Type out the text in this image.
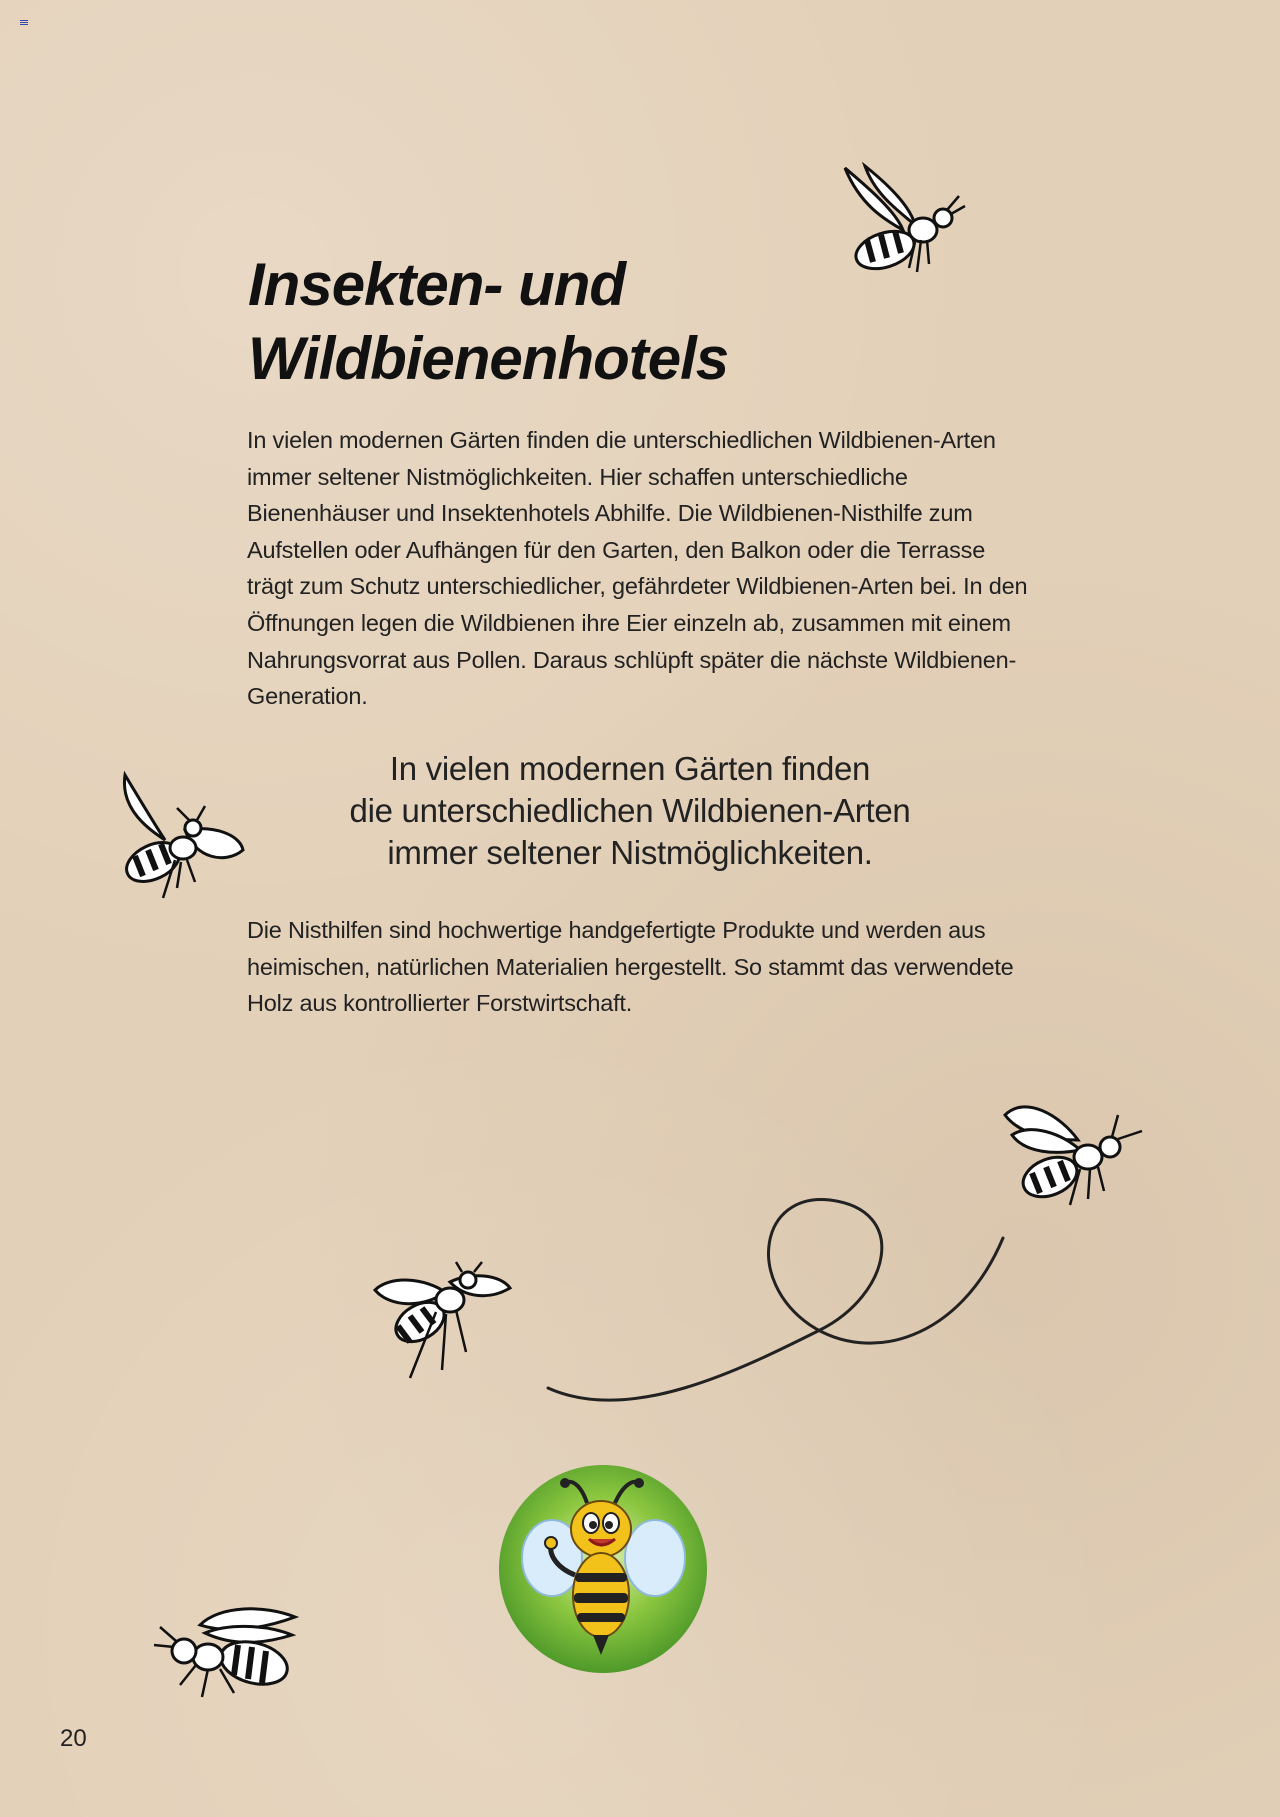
Insekten- und
Wildbienenhotels

In vielen modernen Gärten finden die unterschiedlichen Wildbienen-Arten immer seltener Nistmöglichkeiten. Hier schaffen unterschiedliche Bienenhäuser und Insektenhotels Abhilfe. Die Wildbienen-Nisthilfe zum Aufstellen oder Aufhängen für den Garten, den Balkon oder die Terrasse trägt zum Schutz unterschiedlicher, gefährdeter Wildbienen-Arten bei. In den Öffnungen legen die Wildbienen ihre Eier einzeln ab, zusammen mit einem Nahrungsvorrat aus Pollen. Daraus schlüpft später die nächste Wildbienen-Generation.

In vielen modernen Gärten finden
die unterschiedlichen Wildbienen-Arten
immer seltener Nistmöglichkeiten.

Die Nisthilfen sind hochwertige handgefertigte Produkte und werden aus heimischen, natürlichen Materialien hergestellt. So stammt das verwendete Holz aus kontrollierter Forstwirtschaft.

20
